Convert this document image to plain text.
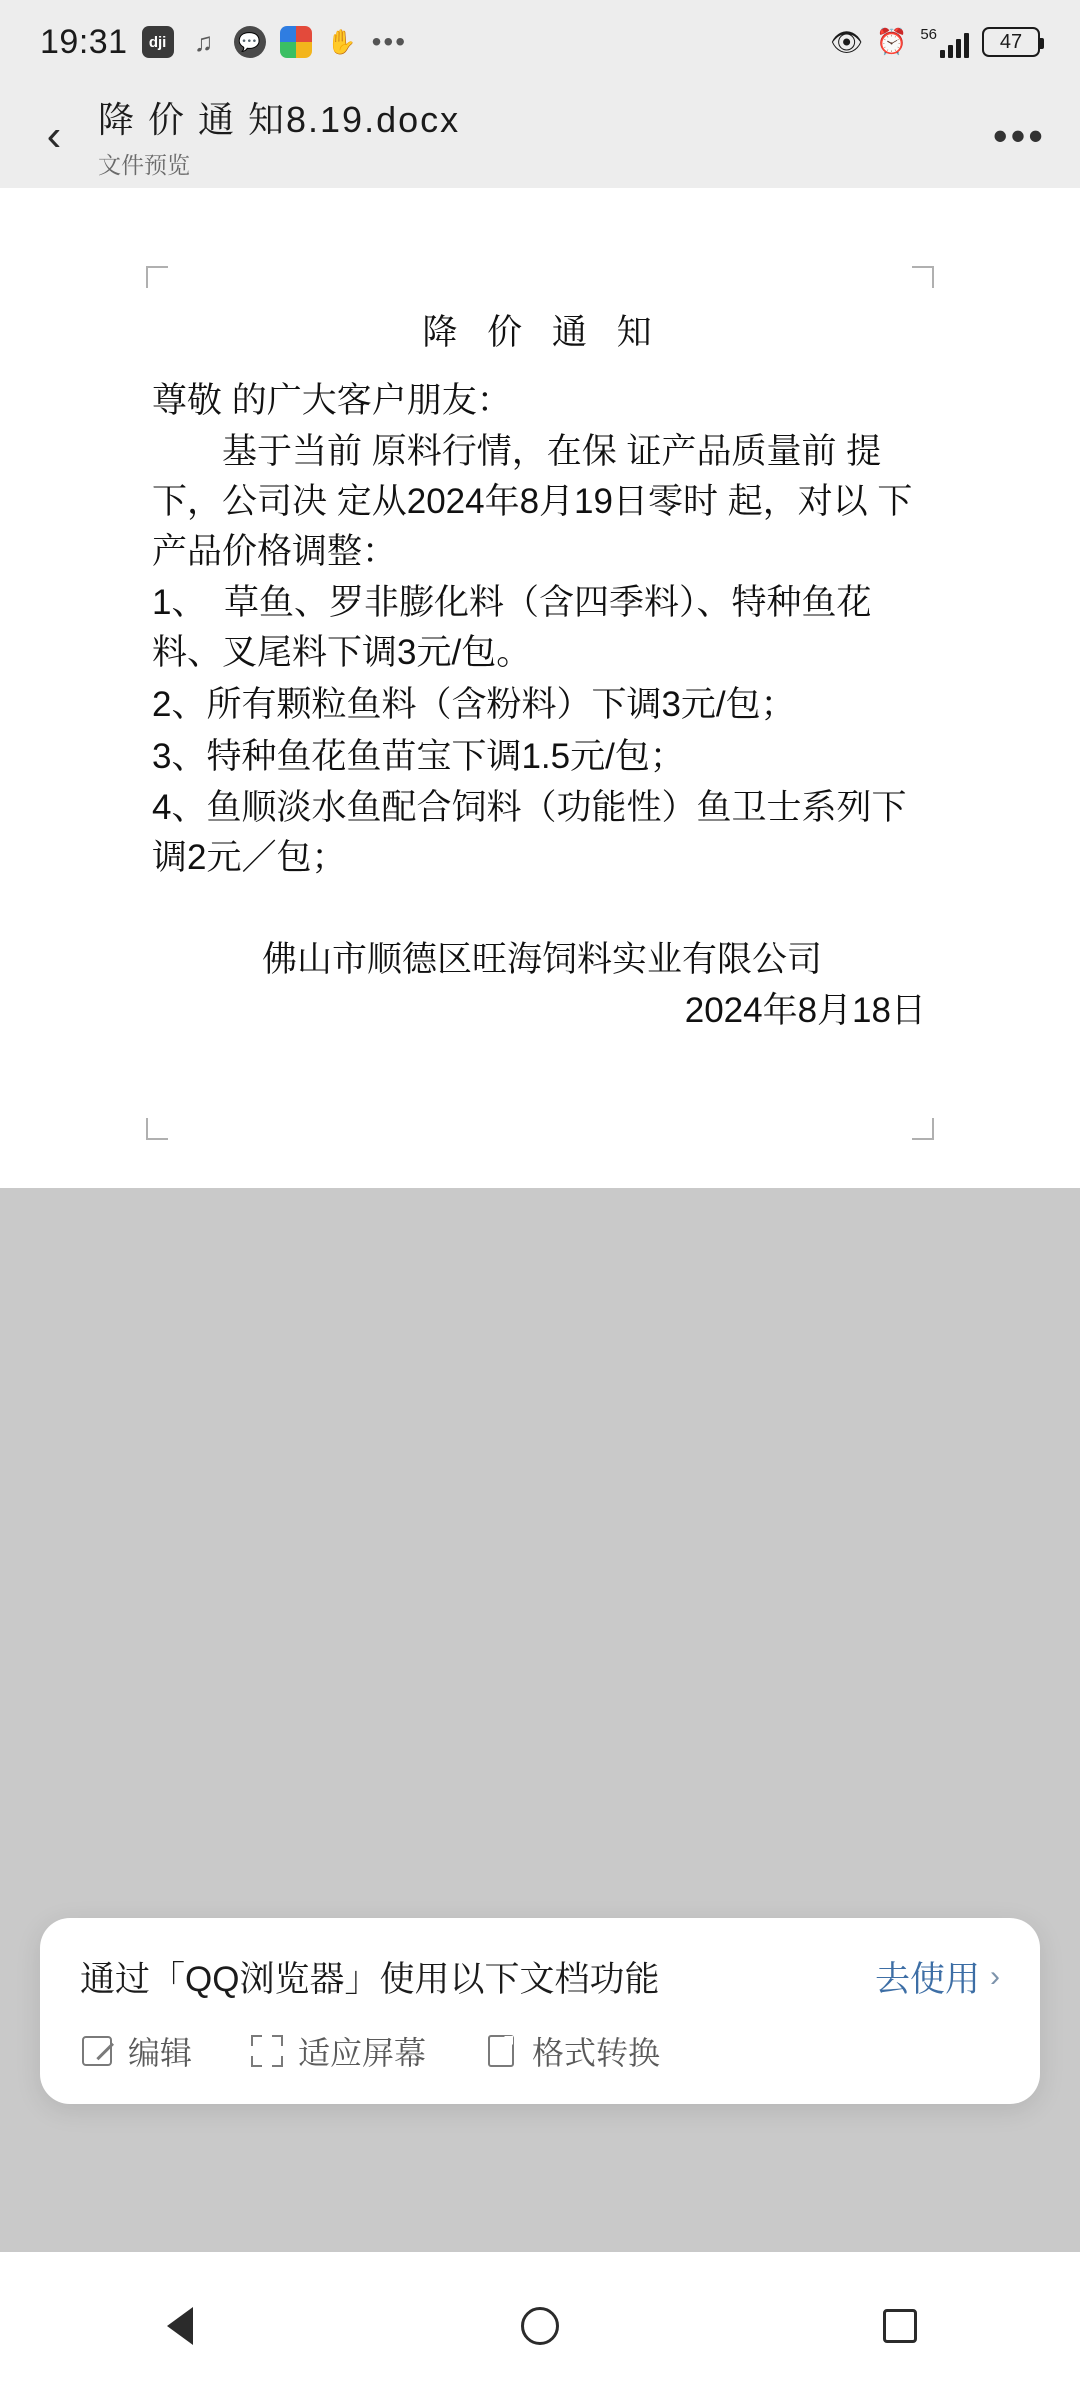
19:31	dji ♫	💬	✋ •••	👁 ⏰ 56	47
‹	降 价 通 知8.19.docx
文件预览
•••
降 价 通 知
尊敬 的广大客户朋友：
　　基于当前 原料行情，在保 证产品质量前 提下，公司决 定从2024年8月19日零时 起，对以 下产品价格调整：
1、　草鱼、罗非膨化料（含四季料）、特种鱼花料、叉尾料下调3元/包。
2、所有颗粒鱼料（含粉料）下调3元/包；
3、特种鱼花鱼苗宝下调1.5元/包；
4、鱼顺淡水鱼配合饲料（功能性）鱼卫士系列下调2元／包；
佛山市顺德区旺海饲料实业有限公司
2024年8月18日
通过「QQ浏览器」使用以下文档功能	去使用 ›
编辑	适应屏幕	格式转换
